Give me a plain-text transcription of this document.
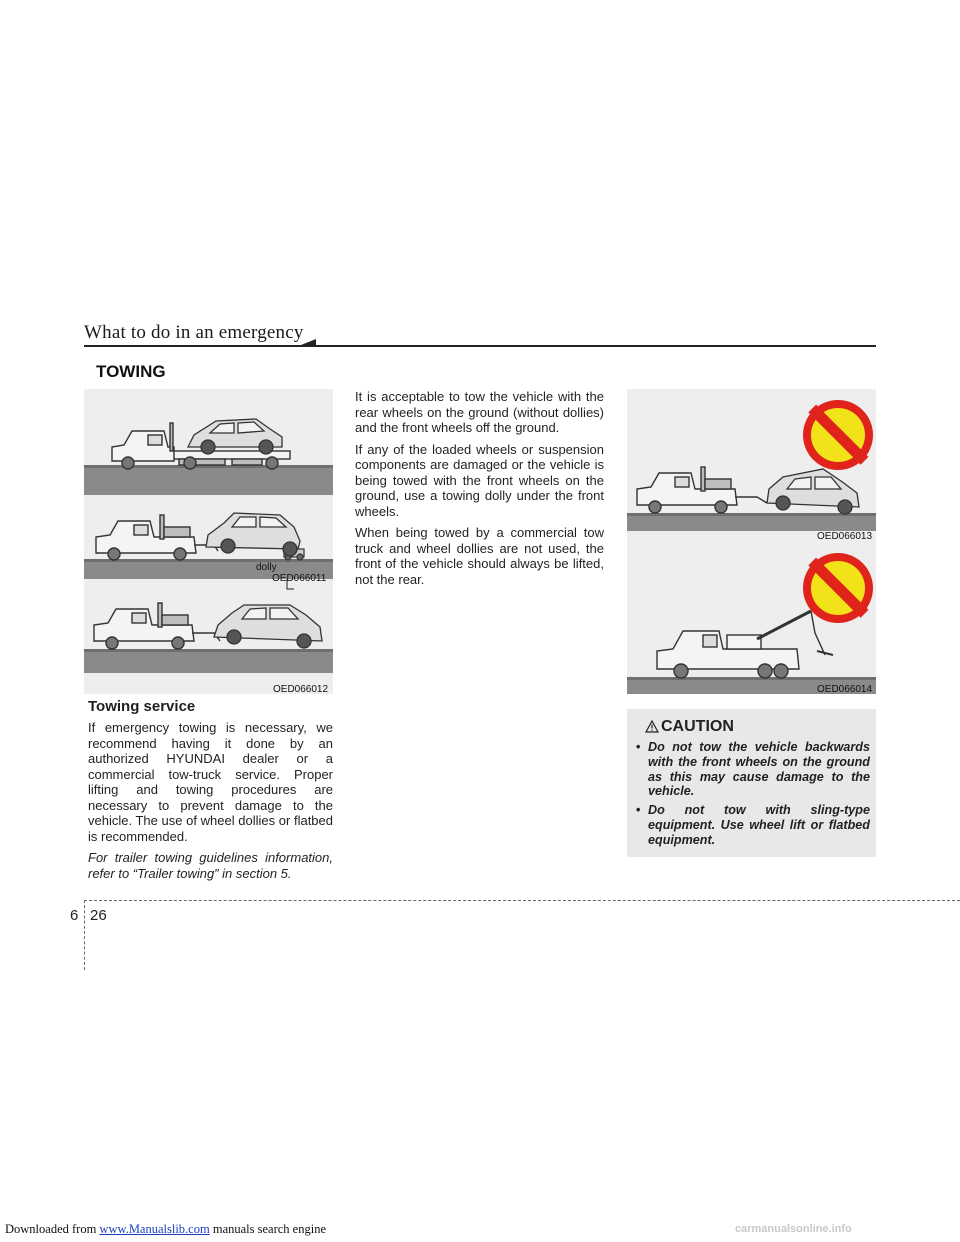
What to do in an emergency
TOWING
dolly
OED066011
OED066012
Towing service

If emergency towing is necessary, we recommend having it done by an authorized HYUNDAI dealer or a commercial tow-truck service. Proper lifting and towing procedures are necessary to prevent damage to the vehicle. The use of wheel dollies or flatbed is recommended.

For trailer towing guidelines information, refer to “Trailer towing” in section 5.

It is acceptable to tow the vehicle with the rear wheels on the ground (without dollies) and the front wheels off the ground.

If any of the loaded wheels or suspension components are damaged or the vehicle is being towed with the front wheels on the ground, use a towing dolly under the front wheels.

When being towed by a commercial tow truck and wheel dollies are not used, the front of the vehicle should always be lifted, not the rear.

OED066013
OED066014
CAUTION
• Do not tow the vehicle backwards with the front wheels on the ground as this may cause damage to the vehicle.
• Do not tow with sling-type equipment. Use wheel lift or flatbed equipment.
6 26
Downloaded from www.Manualslib.com manuals search engine	carmanualsonline.info
